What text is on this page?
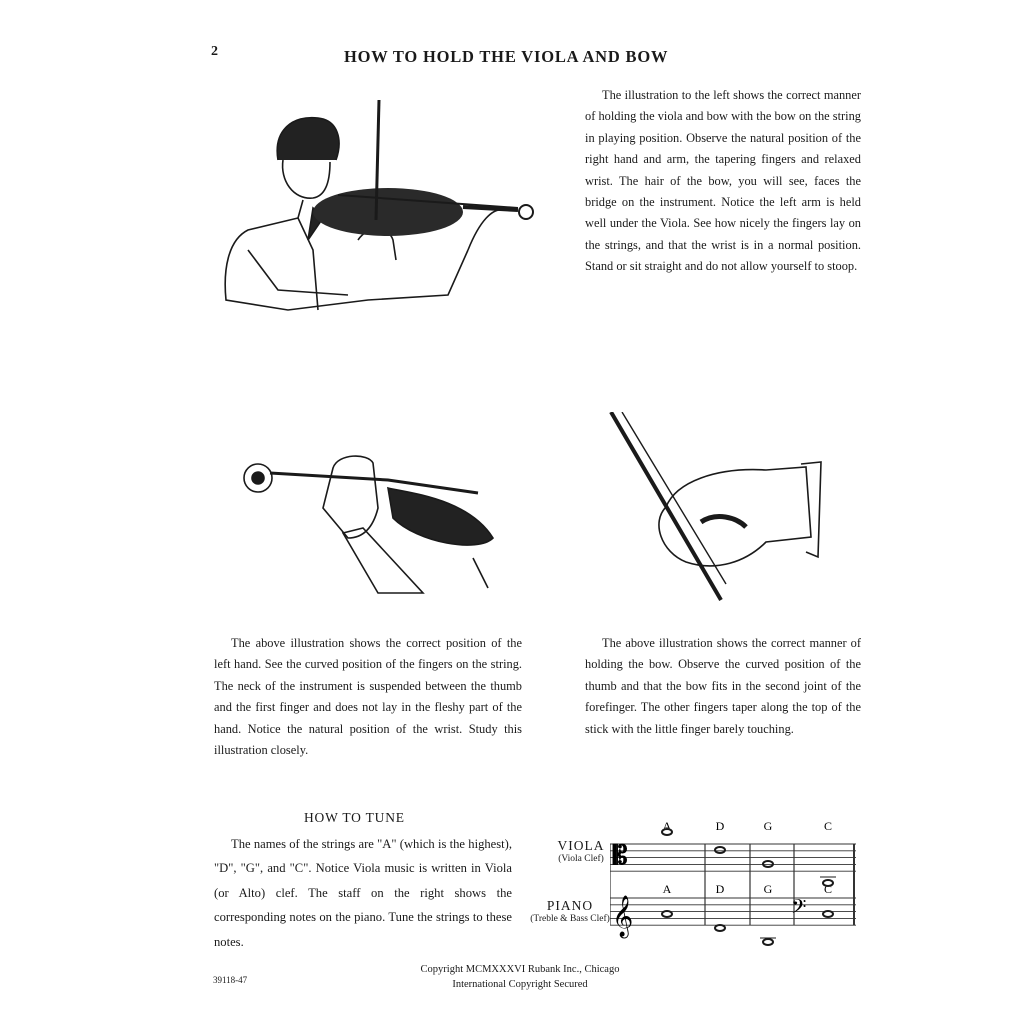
2	HOW TO HOLD THE VIOLA AND BOW

The illustration to the left shows the correct manner of holding the viola and bow with the bow on the string in playing position. Observe the natural position of the right hand and arm, the tapering fingers and relaxed wrist. The hair of the bow, you will see, faces the bridge on the instrument. Notice the left arm is held well under the Viola. See how nicely the fingers lay on the strings, and that the wrist is in a normal position. Stand or sit straight and do not allow yourself to stoop.

The above illustration shows the correct position of the left hand. See the curved position of the fingers on the string. The neck of the instrument is suspended between the thumb and the first finger and does not lay in the fleshy part of the hand. Notice the natural position of the wrist. Study this illustration closely.

The above illustration shows the correct manner of holding the bow. Observe the curved position of the thumb and that the bow fits in the second joint of the forefinger. The other fingers taper along the top of the stick with the little finger barely touching.

HOW TO TUNE

The names of the strings are "A" (which is the highest), "D", "G", and "C". Notice Viola music is written in Viola (or Alto) clef. The staff on the right shows the corresponding notes on the piano. Tune the strings to these notes.

VIOLA
(Viola Clef)
PIANO
(Treble & Bass Clef)
A
A
D
D
G
G
C
C
𝄡
𝄞	𝄢
Copyright MCMXXXVI Rubank Inc., Chicago
International Copyright Secured
39118-47
